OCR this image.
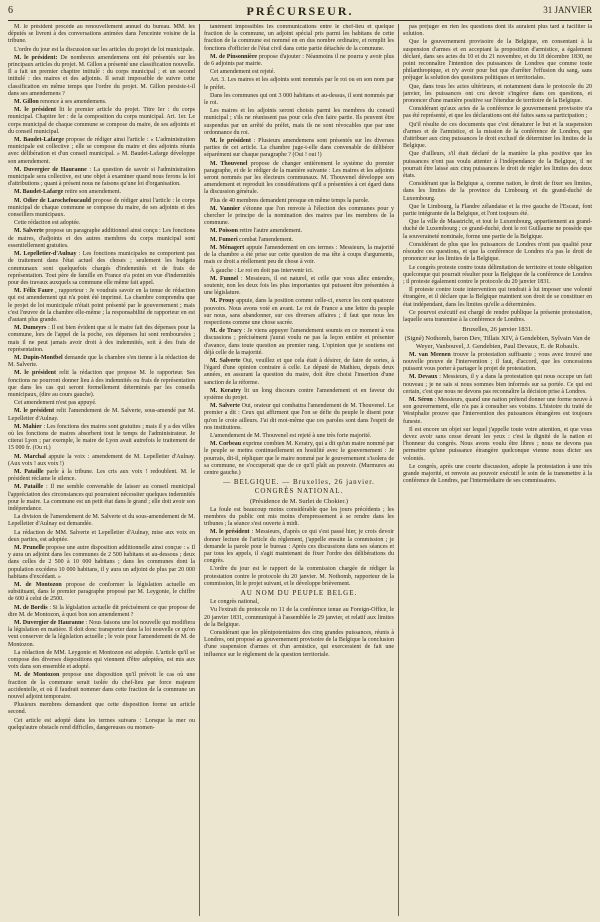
6	PRÉCURSEUR.	31 JANVIER

M. le président procède au renouvellement annuel du bureau. MM. les députés se livrent à des conversations animées dans l'enceinte voisine de la tribune.

L'ordre du jour est la discussion sur les articles du projet de loi municipale.

M. le président: De nombreux amendemens ont été présentés sur les principaux articles du projet. M. Gillon a présenté une classification nouvelle. Il a fait un premier chapitre intitulé : du corps municipal ; et un second intitulé : des maires et des adjoints. Il serait impossible de suivre cette classification en même temps que l'ordre du projet. M. Gillon persiste-t-il dans ses amendemens ?

M. Gillon renonce à ses amendemens.

M. le président lit le premier article du projet. Titre Ier : du corps municipal. Chapitre Ier : de la composition du corps municipal. Art. 1er. Le corps municipal de chaque commune se compose du maire, de ses adjoints et du conseil municipal.

M. Baudet-Lafarge propose de rédiger ainsi l'article : « L'administration municipale est collective ; elle se compose du maire et des adjoints réunis avec délibération et d'un conseil municipal. » M. Baudet-Lafarge développe son amendement.

M. Duvergier de Hauranne : La question de savoir si l'administration municipale sera collective, est une objet à examiner quand nous ferons la loi d'attributions ; quant à présent nous ne faisons qu'une loi d'organisation.

M. Baudet-Lafarge retire son amendement.

M. Odier de Larochefoucauld propose de rédiger ainsi l'article : le corps municipal de chaque commune se compose du maire, de ses adjoints et des conseillers municipaux.

Cette rédaction est adoptée.

M. Salverte propose un paragraphe additionnel ainsi conçu : Les fonctions de maires, d'adjoints et des autres membres du corps municipal sont essentiellement gratuites.

M. Lepelletier-d'Aulnay : Les fonctions municipales ne comportent pas de traitement dans l'état actuel des choses ; seulement les budgets communaux sont quelquefois chargés d'indemnités et de frais de représentation. Tout père de famille en France n'a point en vue d'indemnités pour des travaux auxquels sa commune elle même fait appel.

M. Félix Faure , rapporteur : Je voudrais savoir en la tenue de rédaction qui est amendement qui n'a point été imprimé. La chambre comprendra que le projet de loi municipale n'était point présenté par le gouvernement ; mais c'est l'œuvre de la chambre elle-même ; la responsabilité de rapporteur en est d'autant plus grande.

M. Dumeyrs : Il est bien évident que si le maire fait des dépenses pour la commune, lors de l'appel de la poche, ces dépenses lui sont remboursées ; mais il ne peut jamais avoir droit à des indemnités, soit à des frais de représentation.

M. Dupin-Montbel demande que la chambre s'en tienne à la rédaction de M. Salverte.

M. le président relit la rédaction que propose M. le rapporteur. Ses fonctions ne pourront donner lieu à des indemnités ou frais de représentation que dans les cas qui seront formellement déterminés par les conseils municipaux, (dire au cours gauche).

Cet amendement n'est pas appuyé.

M. le président relit l'amendement de M. Salverte, sous-amendé par M. Lepelletier d'Aulnay.

M. Mahier : Les fonctions des maires sont gratuites ; mais il y a des villes où les fonctions de maires absorbent tout le temps de l'administrateur. Je citerai Lyon ; par exemple, le maire de Lyon avait autrefois le traitement de 15 000 fr. (Ou ri.)

M. Marchal appuie la voix : amendement de M. Lepelletier d'Aulnay. (Aux voix ! aux voix !)

M. Pataille parle à la tribune. Les cris aux voix ! redoublent. M. le président réclame le silence.

M. Pataille : Il me semble convenable de laisser au conseil municipal l'appréciation des circonstances qui pourraient nécessiter quelques indemnités pour le maire. La commune est un petit état dans le grand ; elle doit avoir son indépendance.

La division de l'amendement de M. Salverte et du sous-amendement de M. Lepelletier d'Aulnay est demandée.

La rédaction de MM. Salverte et Lepelletier d'Aulnay, mise aux voix en deux parties, est adoptée.

M. Prunelle propose une autre disposition additionnelle ainsi conçue : « Il y aura un adjoint dans les communes de 2 500 habitans et au-dessous ; deux dans celles de 2 500 à 10 000 habitans ; dans les communes dont la population excédera 10 000 habitans, il y aura un adjoint de plus par 20 000 habitans d'excédant. »

M. de Montozon propose de conformer la législation actuelle en substituant, dans le premier paragraphe proposé par M. Leygonie, le chiffre de 600 à celui de 2500.

M. de Bordis : Si la législation actuelle dit précisément ce que propose de dire M. de Montozon, à quoi bon son amendement ?

M. Duvergier de Hauranne : Nous faisons une loi nouvelle qui modifiera la législation en matière. Il doit donc transporter dans la loi nouvelle ce qu'on veut conserver de la législation actuelle ; le voie pour l'amendement de M. de Montozon.

La rédaction de MM. Leygonie et Montozon est adoptée. L'article qu'il se compose des diverses dispositions qui viennent d'être adoptées, est mis aux voix dans son ensemble et adopté.

M. de Montozon propose une disposition qu'il prévoit le cas où une fraction de la commune serait isolée du chef-lieu par force majeure accidentelle, et où il faudrait nommer dans cette fraction de la commune un nouvel adjoint temporaire.

Plusieurs membres demandent que cette disposition forme un article second.

Cet article est adopté dans les termes suivans : Lorsque la mer ou quelqu'autre obstacle rend difficiles, dangereuses ou momen-

tanément impossibles les communications entre le chef-lieu et quelque fraction de la commune, un adjoint spécial pris parmi les habitans de cette fraction de la commune est nommé en en dus nombre ordinaire, et remplit les fonctions d'officier de l'état civil dans cette partie détachée de la commune.

M. de Pinsonnière propose d'ajouter : Néanmoins il ne pourra y avoir plus de 6 adjoints par mairie.

Cet amendement est rejeté.

Art. 3. Les maires et les adjoints sont nommés par le roi ou en son nom par le préfet.

Dans les communes qui ont 3 000 habitans et au-dessus, il sont nommés par le roi.

Les maires et les adjoints seront choisis parmi les membres du conseil municipal ; s'ils ne réunissent pas pour cela d'en faire partie. Ils peuvent être suspendus par un arrêté du préfet, mais ils ne sont révocables que par une ordonnance du roi.

M. le président : Plusieurs amendemens sont présentés sur les diverses parties de cet article. La chambre juge-t-elle dans convenable de délibérer séparément sur chaque paragraphe ? (Oui ! oui !)

M. Thouvenel propose de changer entièrement le système du premier paragraphe, et de le rédiger de la manière suivante : Les maires et les adjoints seront nommés par les électeurs communaux. M. Thouvenel développe son amendement et reproduit les considérations qu'il a présentées à cet égard dans la discussion générale.

Plus de 40 membres demandent presque en même temps la parole.

M. Vannier s'étonne que l'on renvoie à l'élection des communes pour y chercher le principe de la nomination des maires par les membres de la commune.

M. Poisson retire l'autre amendement.

M. Fumeri combat l'amendement.

M. Ménagert appuie l'amendement en ces termes : Messieurs, la majorité de la chambre a été prise sur cette question de ma tête à coups d'arguments, mais ce droit a réellement peu de chose à voir.

À gauche : Le roi en doit pas intervenir ici.

M. Funnel : Messieurs, il est naturel, et celle que vous allez entendre, soutenir, non les deux fois les plus importantes qui puissent être présentées à une législature.

M. Prouy appuie, dans la position comme celle-ci, exerce les cent quatorze pouvoirs. Nous avons voté en avant. Le roi de France a une lettre du peuple sur nous, sans abandonner, sur ces diverses affaires ; il faut que nous les respections comme une chose sacrée.

M. de Tracy : Je viens appuyer l'amendement soumis en ce moment à vos discussions ; précisément j'aurai voulu ne pas la leçon entière et présenter d'avance, dans toute question au premier rang. L'opinion que je soutiens est déjà celle de la majorité.

M. Salverte Oui, veuillez et que cela était à désirer, de faire de sortes, à l'égard d'une opinion contraire à celle. Le député de Mathieu, depuis deux années, en assurant la question du maire, doit être choisi l'insertion d'une sanction de la réforme.

M. Keratry lit un long discours contre l'amendement et en faveur du système du projet.

M. Salverte Oui, orateur qui combattra l'amendement de M. Thouvenel. Le premier a dit : Ceux qui affirment que l'on se défie du peuple le disent pour qu'on le croie ailleurs. J'ai dit moi-même que ces paroles sont dans l'esprit de nos institutions.

L'amendement de M. Thouvenel est rejeté à une très forte majorité.

M. Corbeau exprime combien M. Keratry, qui a dit qu'un maire nommé par le peuple se mettra continuellement en hostilité avec le gouvernement : Je pourrais, dit-il, répliquer que le maire nommé par le gouvernement s'isolera de sa commune, ne s'occuperait que de ce qu'il plaît au pouvoir. (Murmures au centre gauche.)

— BELGIQUE. — Bruxelles, 26 janvier.

CONGRÈS NATIONAL.

(Présidence de M. Surlet de Chokier.)

La foule est beaucoup moins considérable que les jours précédents ; les membres du public ont mis moins d'empressement à se rendre dans les tribunes ; la séance s'est ouverte à midi.

M. le président : Messieurs, d'après ce qui s'est passé hier, je crois devoir donner lecture de l'article du règlement, j'appelle ensuite la commission ; je demande la parole pour le bureau : Après ces discussions dans ses séances et par tous les appels, il s'agit maintenant de fixer l'ordre des délibérations du congrès.

L'ordre du jour est le rapport de la commission chargée de rédiger la protestation contre le protocole du 20 janvier. M. Nothomb, rapporteur de la commission, lit le projet suivant, et le développe brièvement.

AU NOM DU PEUPLE BELGE.

Le congrès national,

Vu l'extrait du protocole no 11 de la conférence tenue au Foreign-Office, le 20 janvier 1831, communiqué à l'assemblée le 29 janvier, et relatif aux limites de la Belgique.

Considérant que les plénipotentiaires des cinq grandes puissances, réunis à Londres, ont proposé au gouvernement provisoire de la Belgique la conclusion d'une suspension d'armes et d'un armistice, qui exerceraient de fait une influence sur le règlement de la question territoriale.

pas préjuger en rien les questions dont ils auraient plus tard à faciliter la solution.

Que le gouvernement provisoire de la Belgique, en consentant à la suspension d'armes et en acceptant la proposition d'armistice, a également déclaré, dans ses actes du 10 et du 21 novembre, et du 18 décembre 1830, ne point reconnaître l'intention des puissances de Londres que comme toute philanthropique, et n'y avoir pour but que d'arrêter l'effusion du sang, sans préjuger la solution des questions politiques et territoriales.

Que, dans tous les actes ultérieurs, et notamment dans le protocole du 20 janvier, les puissances ont cru devoir s'ingérer dans ces questions, et prononcer d'une manière positive sur l'étendue de territoire de la Belgique.

Considérant qu'aux actes de la conférence le gouvernement provisoire n'a pas été représenté, et que les déclarations ont été faites sans sa participation ;

Qu'il résulte de ces documents que c'est dénaturer le but et la suspension d'armes et de l'armistice, et la mission de la conférence de Londres, que d'attribuer aux cinq puissances le droit exclusif de déterminer les limites de la Belgique.

Que d'ailleurs, s'il était déclaré de la manière la plus positive que les puissances n'ont pas voulu attenter à l'indépendance de la Belgique, il ne pourrait être laissé aux cinq puissances le droit de régler les limites des deux états.

Considérant que la Belgique a, comme nation, le droit de fixer ses limites, dans les limites de la province du Limbourg et du grand-duché de Luxembourg.

Que le Limbourg, la Flandre zélandaise et la rive gauche de l'Escaut, font partie intégrante de la Belgique, et l'ont toujours été.

Que la ville de Maastricht, et tout le Luxembourg, appartiennent au grand-duché de Luxembourg ; ce grand-duché, dont le roi Guillaume ne possède que la souveraineté nominale, forme une partie de la Belgique.

Considérant de plus que les puissances de Londres n'ont pas qualité pour résoudre ces questions, et que la conférence de Londres n'a pas le droit de prononcer sur les limites de la Belgique.

Le congrès proteste contre toute délimitation de territoire et toute obligation quelconque qui pourrait résulter pour la Belgique de la conférence de Londres ; il proteste également contre le protocole du 20 janvier 1831.

Il proteste contre toute intervention qui tendrait à lui imposer une volonté étrangère, et il déclare que la Belgique maintient son droit de se constituer en état indépendant, dans les limites qu'elle a déterminées.

Ce pourvoi exécutif est chargé de rendre publique la présente protestation, laquelle sera transmise à la conférence de Londres.

Bruxelles, 26 janvier 1831.

(Signé) Nothomb, baron Dev, Tillais XIV, à Gendebien, Sylvain Van de Weyer, Vanbouvel, J. Gendebien, Paul Devaux, E. de Robaulx.

M. van Meenen trouve la protestation suffisante ; vous avez trouvé une nouvelle preuve de l'intervention ; il faut, d'accord, que les concessions puissent vous porter à partager le projet de protestation.

M. Devaux : Messieurs, il y a dans la protestation qui nous occupe un fait nouveau ; je ne sais si nous sommes bien informés sur sa portée. Ce qui est certain, c'est que nous ne devons pas reconnaître la décision prise à Londres.

M. Séron : Messieurs, quand une nation prétend donner une forme neuve à son gouvernement, elle n'a pas à consulter ses voisins. L'histoire du traité de Westphalie prouve que l'intervention des puissances étrangères est toujours funeste.

Il est encore un objet sur lequel j'appelle toute votre attention, et que vous devez avoir sans cesse devant les yeux : c'est la dignité de la nation et l'honneur du congrès. Nous avons voulu être libres ; nous ne devons pas permettre qu'une puissance étrangère quelconque vienne nous dicter ses volontés.

Le congrès, après une courte discussion, adopte la protestation à une très grande majorité, et renvoie au pouvoir exécutif le soin de la transmettre à la conférence de Londres, par l'intermédiaire de ses commissaires.
